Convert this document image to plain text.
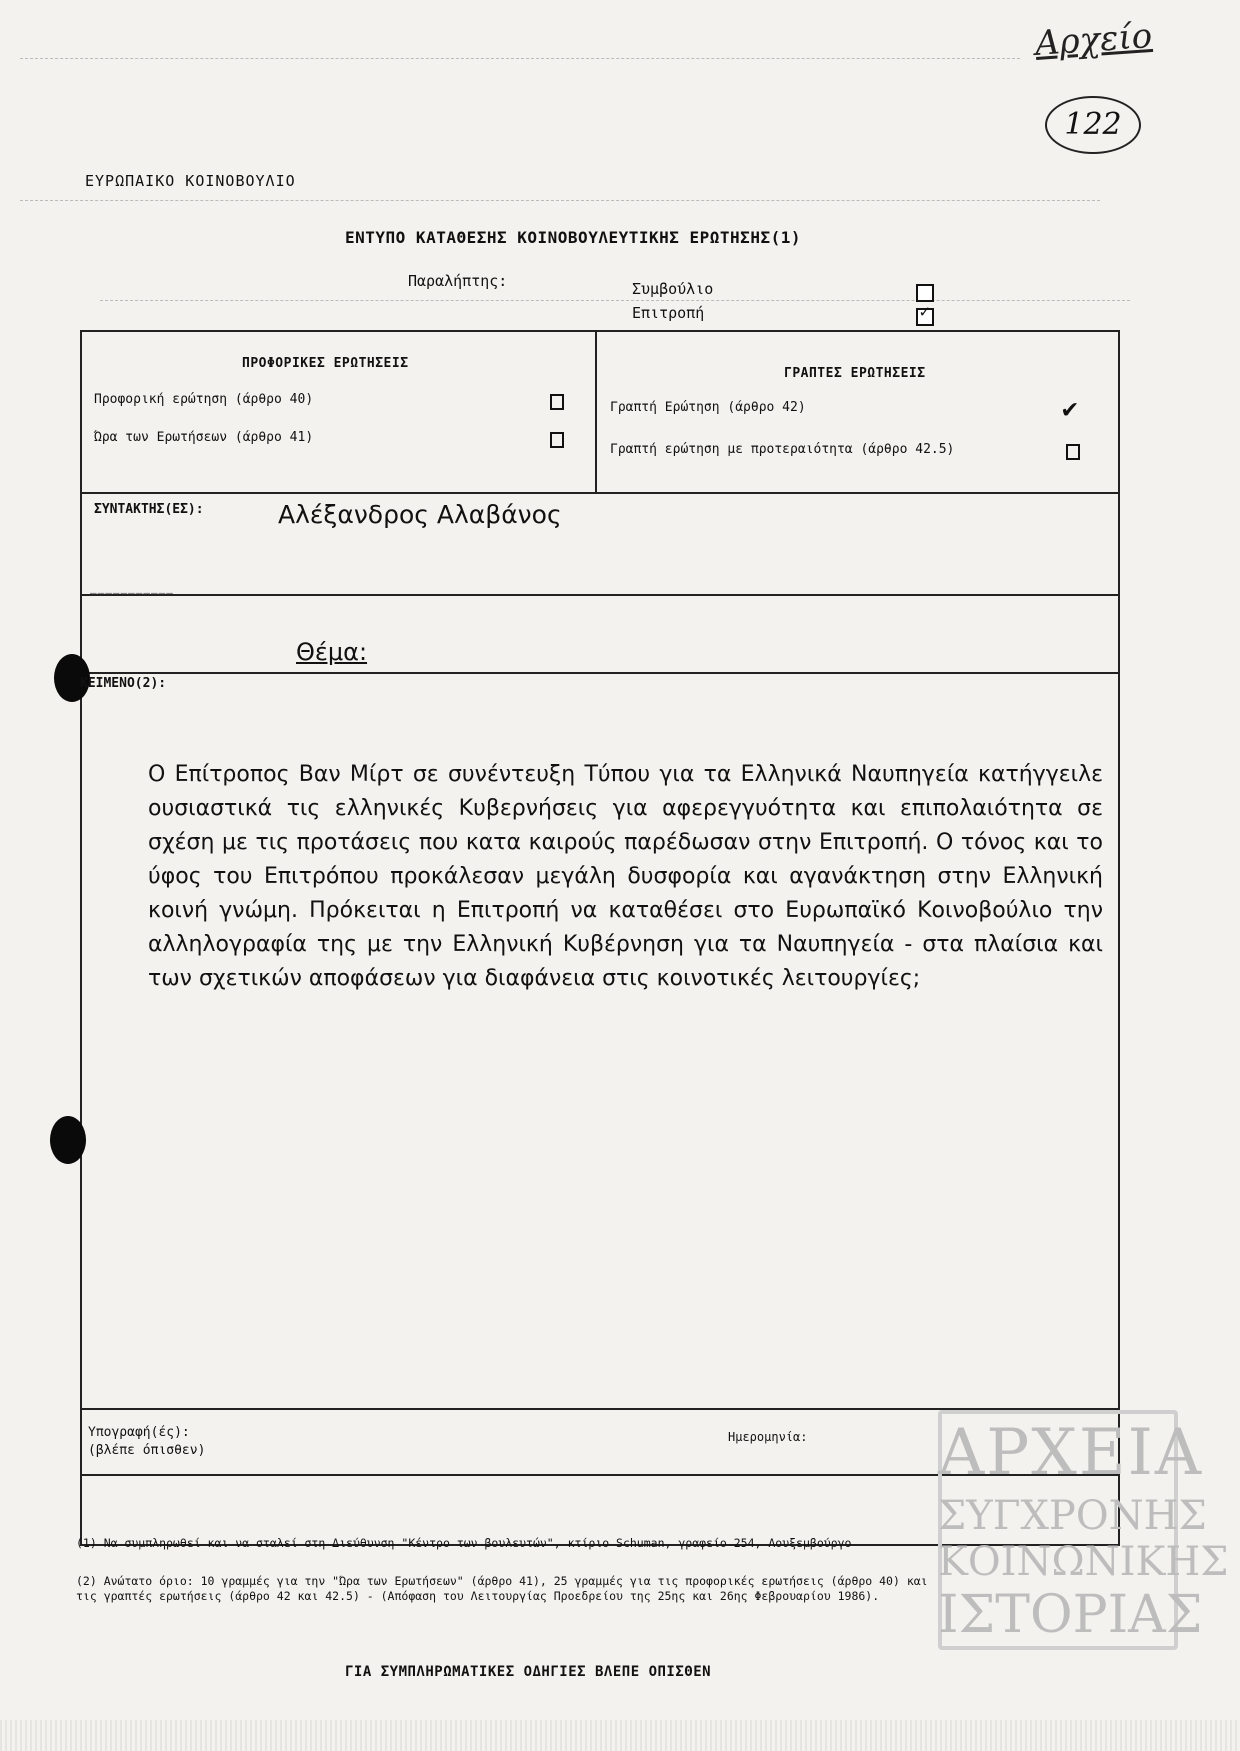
Αρχείο
122
ΕΥΡΩΠΑΙΚΟ ΚΟΙΝΟΒΟΥΛΙΟ
ΕΝΤΥΠΟ ΚΑΤΑΘΕΣΗΣ ΚΟΙΝΟΒΟΥΛΕΥΤΙΚΗΣ ΕΡΩΤΗΣΗΣ(1)
Παραλήπτης:	Συμβούλιο
Επιτροπή	✓
ΠΡΟΦΟΡΙΚΕΣ ΕΡΩΤΗΣΕΙΣ
Προφορική ερώτηση (άρθρο 40)
Ώρα των Ερωτήσεων (άρθρο 41)
ΓΡΑΠΤΕΣ ΕΡΩΤΗΣΕΙΣ
Γραπτή Ερώτηση (άρθρο 42)	✔
Γραπτή ερώτηση με προτεραιότητα (άρθρο 42.5)
ΣΥΝΤΑΚΤΗΣ(ΕΣ):	Αλέξανδρος Αλαβάνος
———————————
Θέμα:
ΚΕΙΜΕΝΟ(2):
Ο Επίτροπος Βαν Μίρτ σε συνέντευξη Τύπου για τα Ελληνικά Ναυπηγεία κατήγγειλε ουσιαστικά τις ελληνικές Κυβερνήσεις για αφερεγγυότητα και επιπολαιότητα σε σχέση με τις προτάσεις που κατα καιρούς παρέδωσαν στην Επιτροπή. Ο τόνος και το ύφος του Επιτρόπου προκάλεσαν μεγάλη δυσφορία και αγανάκτηση στην Ελληνική κοινή γνώμη. Πρόκειται η Επιτροπή να καταθέσει στο Ευρωπαϊκό Κοινοβούλιο την αλληλογραφία της με την Ελληνική Κυβέρνηση για τα Ναυπηγεία - στα πλαίσια και των σχετικών αποφάσεων για διαφάνεια στις κοινοτικές λειτουργίες;
Υπογραφή(ές):
(βλέπε όπισθεν)
Ημερομηνία: ΑΡΧΕΙΑ
ΣΥΓΧΡΟΝΗΣ
ΚΟΙΝΩΝΙΚΗΣ
ΙΣΤΟΡΙΑΣ
(1) Να συμπληρωθεί και να σταλεί στη Διεύθυνση "Κέντρο των βουλευτών", κτίριο Schuman, γραφείο 254, Λουξεμβούργο
(2) Ανώτατο όριο: 10 γραμμές για την "Ώρα των Ερωτήσεων" (άρθρο 41), 25 γραμμές για τις προφορικές ερωτήσεις (άρθρο 40) και τις γραπτές ερωτήσεις (άρθρο 42 και 42.5) - (Απόφαση του Λειτουργίας Προεδρείου της 25ης και 26ης Φεβρουαρίου 1986).
ΓΙΑ ΣΥΜΠΛΗΡΩΜΑΤΙΚΕΣ ΟΔΗΓΙΕΣ ΒΛΕΠΕ ΟΠΙΣΘΕΝ
